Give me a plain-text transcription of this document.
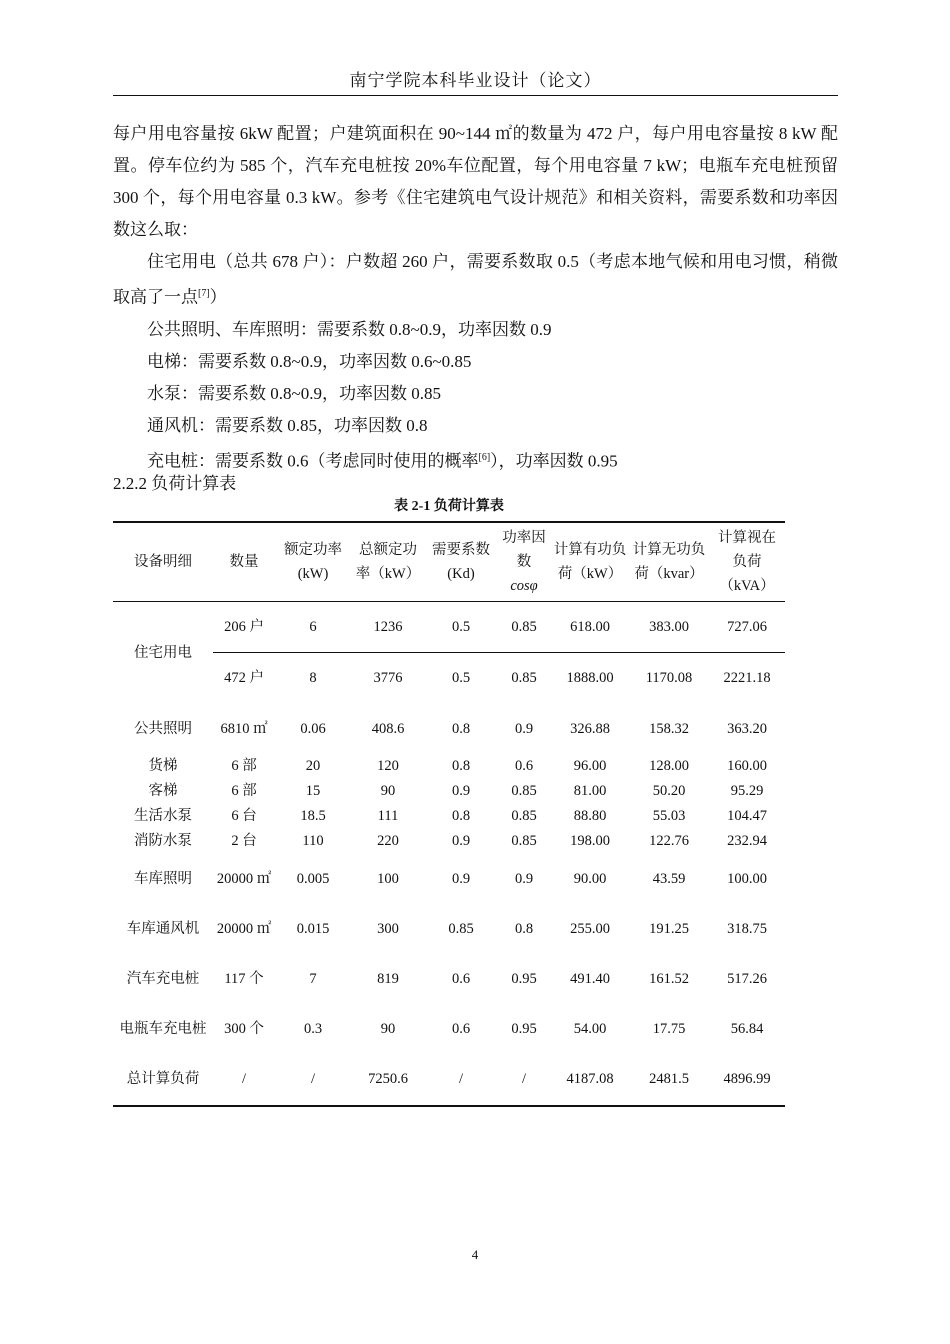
南宁学院本科毕业设计（论文）

每户用电容量按 6kW 配置；户建筑面积在 90~144 ㎡的数量为 472 户，每户用电容量按 8 kW 配置。停车位约为 585 个，汽车充电桩按 20%车位配置，每个用电容量 7 kW；电瓶车充电桩预留 300 个，每个用电容量 0.3 kW。参考《住宅建筑电气设计规范》和相关资料，需要系数和功率因数这么取：

住宅用电（总共 678 户）：户数超 260 户，需要系数取 0.5（考虑本地气候和用电习惯，稍微取高了一点[7]）

公共照明、车库照明：需要系数 0.8~0.9，功率因数 0.9

电梯：需要系数 0.8~0.9，功率因数 0.6~0.85

水泵：需要系数 0.8~0.9，功率因数 0.85

通风机：需要系数 0.85，功率因数 0.8

充电桩：需要系数 0.6（考虑同时使用的概率[6]），功率因数 0.95

2.2.2 负荷计算表
表 2-1 负荷计算表
设备明细	数量	额定功率(kW)	总额定功　率（kW）	需要系数(Kd)	功率因数
cosφ	计算有功负荷（kW）	计算无功负荷（kvar）	计算视在负荷（kVA）
住宅用电	206 户	6	1236	0.5	0.85	618.00	383.00	727.06
	472 户	8	3776	0.5	0.85	1888.00	1170.08	2221.18
公共照明	6810 ㎡	0.06	408.6	0.8	0.9	326.88	158.32	363.20
货梯	6 部	20	120	0.8	0.6	96.00	128.00	160.00
客梯	6 部	15	90	0.9	0.85	81.00	50.20	95.29
生活水泵	6 台	18.5	111	0.8	0.85	88.80	55.03	104.47
消防水泵	2 台	110	220	0.9	0.85	198.00	122.76	232.94
车库照明	20000 ㎡	0.005	100	0.9	0.9	90.00	43.59	100.00
车库通风机	20000 ㎡	0.015	300	0.85	0.8	255.00	191.25	318.75
汽车充电桩	117 个	7	819	0.6	0.95	491.40	161.52	517.26
电瓶车充电桩	300 个	0.3	90	0.6	0.95	54.00	17.75	56.84
总计算负荷	/	/	7250.6	/	/	4187.08	2481.5	4896.99
4
